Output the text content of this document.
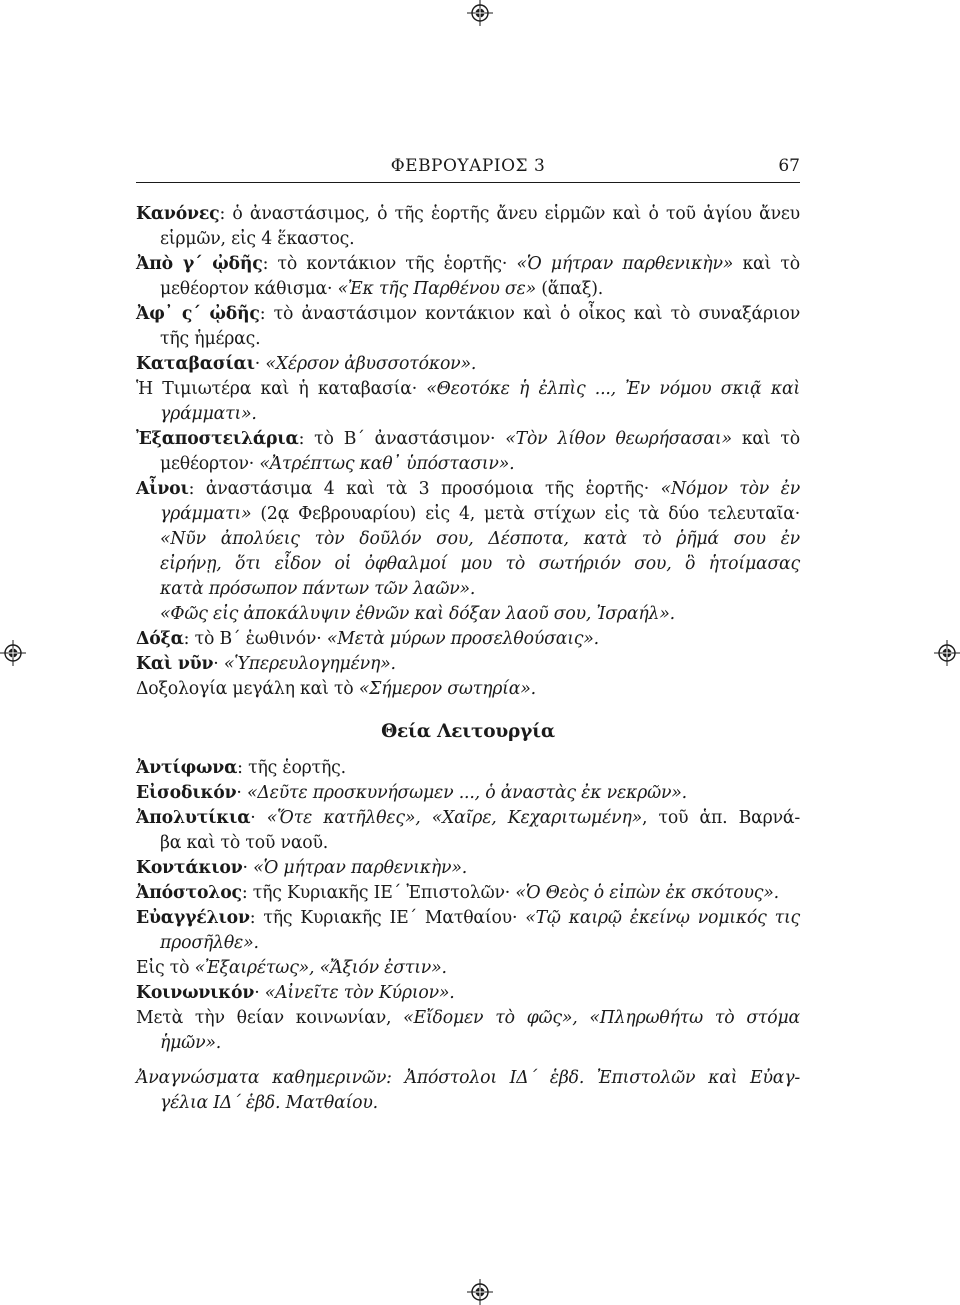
ΦΕΒΡΟΥΑΡΙΟΣ 3	67
Κανόνες: ὁ ἀναστάσιμος, ὁ τῆς ἑορτῆς ἄνευ εἱρμῶν καὶ ὁ τοῦ ἁγίου ἄνευ
εἱρμῶν, εἰς 4 ἕκαστος.
Ἀπὸ γ΄ ᾠδῆς: τὸ κοντάκιον τῆς ἑορτῆς· «Ὁ μήτραν παρθενικὴν» καὶ τὸ
μεθέορτον κάθισμα· «Ἐκ τῆς Παρθένου σε» (ἅπαξ).
Ἀφ᾽ ς΄ ᾠδῆς: τὸ ἀναστάσιμον κοντάκιον καὶ ὁ οἶκος καὶ τὸ συναξάριον
τῆς ἡμέρας.
Καταβασίαι· «Χέρσον ἀβυσσοτόκον».
Ἡ Τιμιωτέρα καὶ ἡ καταβασία· «Θεοτόκε ἡ ἐλπὶς ..., Ἐν νόμου σκιᾷ καὶ
γράμματι».
Ἐξαποστειλάρια: τὸ Β΄ ἀναστάσιμον· «Τὸν λίθον θεωρήσασαι» καὶ τὸ
μεθέορτον· «Ἀτρέπτως καθ᾽ ὑπόστασιν».
Αἶνοι: ἀναστάσιμα 4 καὶ τὰ 3 προσόμοια τῆς ἑορτῆς· «Νόμον τὸν ἐν
γράμματι» (2ᾳ Φεβρουαρίου) εἰς 4, μετὰ στίχων εἰς τὰ δύο τελευταῖα·
«Νῦν ἀπολύεις τὸν δοῦλόν σου, Δέσποτα, κατὰ τὸ ῥῆμά σου ἐν
εἰρήνῃ, ὅτι εἶδον οἱ ὀφθαλμοί μου τὸ σωτήριόν σου, ὃ ἡτοίμασας
κατὰ πρόσωπον πάντων τῶν λαῶν».
«Φῶς εἰς ἀποκάλυψιν ἐθνῶν καὶ δόξαν λαοῦ σου, Ἰσραήλ».
Δόξα: τὸ Β΄ ἑωθινόν· «Μετὰ μύρων προσελθούσαις».
Καὶ νῦν· «Ὑπερευλογημένη».
Δοξολογία μεγάλη καὶ τὸ «Σήμερον σωτηρία».
Θεία Λειτουργία
Ἀντίφωνα: τῆς ἑορτῆς.
Εἰσοδικόν· «Δεῦτε προσκυνήσωμεν ..., ὁ ἀναστὰς ἐκ νεκρῶν».
Ἀπολυτίκια· «Ὅτε κατῆλθες», «Χαῖρε, Κεχαριτωμένη», τοῦ ἁπ. Βαρνά-
βα καὶ τὸ τοῦ ναοῦ.
Κοντάκιον· «Ὁ μήτραν παρθενικὴν».
Ἀπόστολος: τῆς Κυριακῆς ΙΕ΄ Ἐπιστολῶν· «Ὁ Θεὸς ὁ εἰπὼν ἐκ σκότους».
Εὐαγγέλιον: τῆς Κυριακῆς ΙΕ΄ Ματθαίου· «Τῷ καιρῷ ἐκείνῳ νομικός τις
προσῆλθε».
Εἰς τὸ «Ἐξαιρέτως», «Ἄξιόν ἐστιν».
Κοινωνικόν· «Αἰνεῖτε τὸν Κύριον».
Μετὰ τὴν θείαν κοινωνίαν, «Εἴδομεν τὸ φῶς», «Πληρωθήτω τὸ στόμα
ἡμῶν».
Ἀναγνώσματα καθημερινῶν: Ἀπόστολοι ΙΔ΄ ἑβδ. Ἐπιστολῶν καὶ Εὐαγ-
γέλια ΙΔ΄ ἑβδ. Ματθαίου.
